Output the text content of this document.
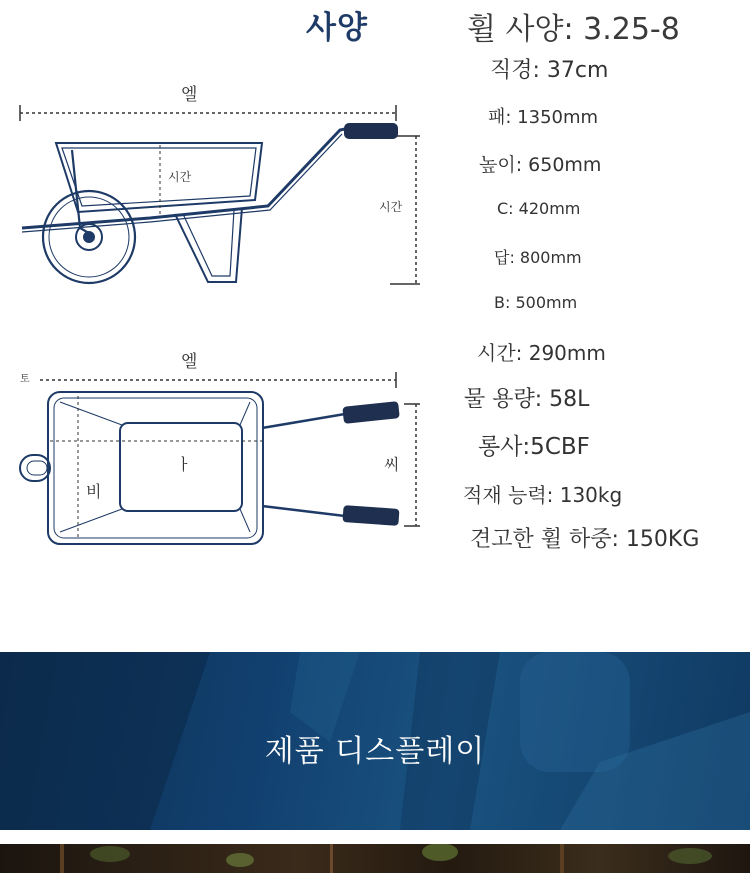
사양	휠 사양: 3.25-8
직경: 37cm
패: 1350mm
높이: 650mm
C: 420mm
답: 800mm
B: 500mm
시간: 290mm
물 용량: 58L
롱사:5CBF
적재 능력: 130kg
견고한 휠 하중: 150KG
엘
시간
시간
엘
토
ㅏ
비
씨
제품 디스플레이
